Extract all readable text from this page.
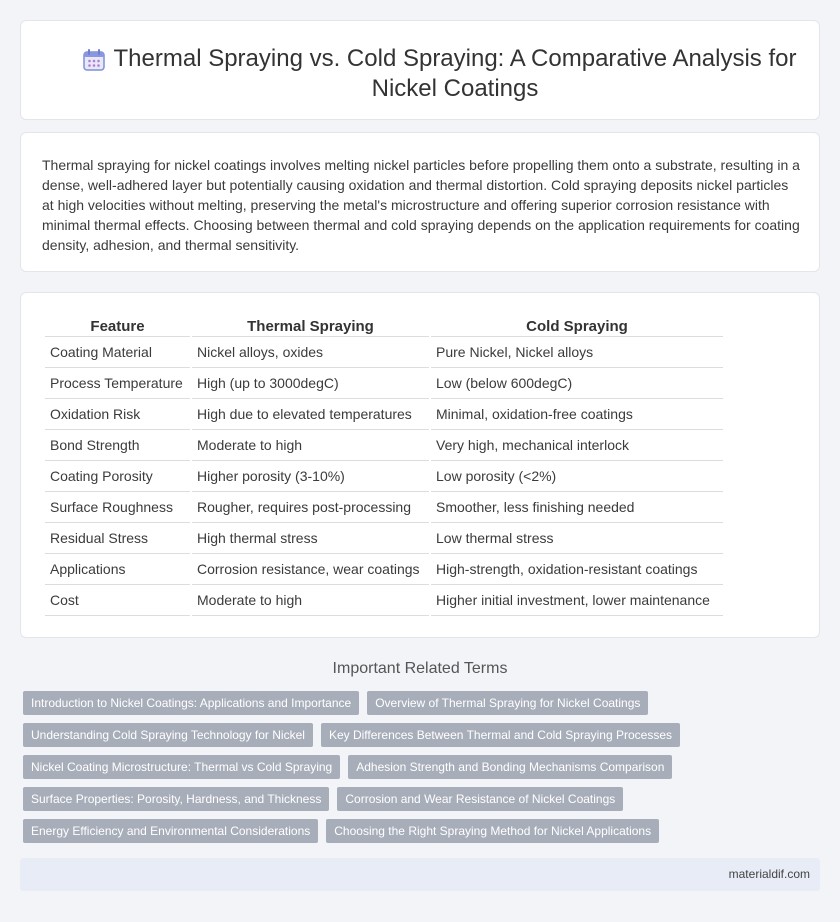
Thermal Spraying vs. Cold Spraying: A Comparative Analysis for Nickel Coatings

Thermal spraying for nickel coatings involves melting nickel particles before propelling them onto a substrate, resulting in a dense, well-adhered layer but potentially causing oxidation and thermal distortion. Cold spraying deposits nickel particles at high velocities without melting, preserving the metal's microstructure and offering superior corrosion resistance with minimal thermal effects. Choosing between thermal and cold spraying depends on the application requirements for coating density, adhesion, and thermal sensitivity.

Feature	Thermal Spraying	Cold Spraying
Coating Material	Nickel alloys, oxides	Pure Nickel, Nickel alloys
Process Temperature	High (up to 3000degC)	Low (below 600degC)
Oxidation Risk	High due to elevated temperatures	Minimal, oxidation-free coatings
Bond Strength	Moderate to high	Very high, mechanical interlock
Coating Porosity	Higher porosity (3-10%)	Low porosity (<2%)
Surface Roughness	Rougher, requires post-processing	Smoother, less finishing needed
Residual Stress	High thermal stress	Low thermal stress
Applications	Corrosion resistance, wear coatings	High-strength, oxidation-resistant coatings
Cost	Moderate to high	Higher initial investment, lower maintenance
Important Related Terms
Introduction to Nickel Coatings: Applications and Importance	Overview of Thermal Spraying for Nickel Coatings
Understanding Cold Spraying Technology for Nickel	Key Differences Between Thermal and Cold Spraying Processes
Nickel Coating Microstructure: Thermal vs Cold Spraying	Adhesion Strength and Bonding Mechanisms Comparison
Surface Properties: Porosity, Hardness, and Thickness	Corrosion and Wear Resistance of Nickel Coatings
Energy Efficiency and Environmental Considerations	Choosing the Right Spraying Method for Nickel Applications
materialdif.com
